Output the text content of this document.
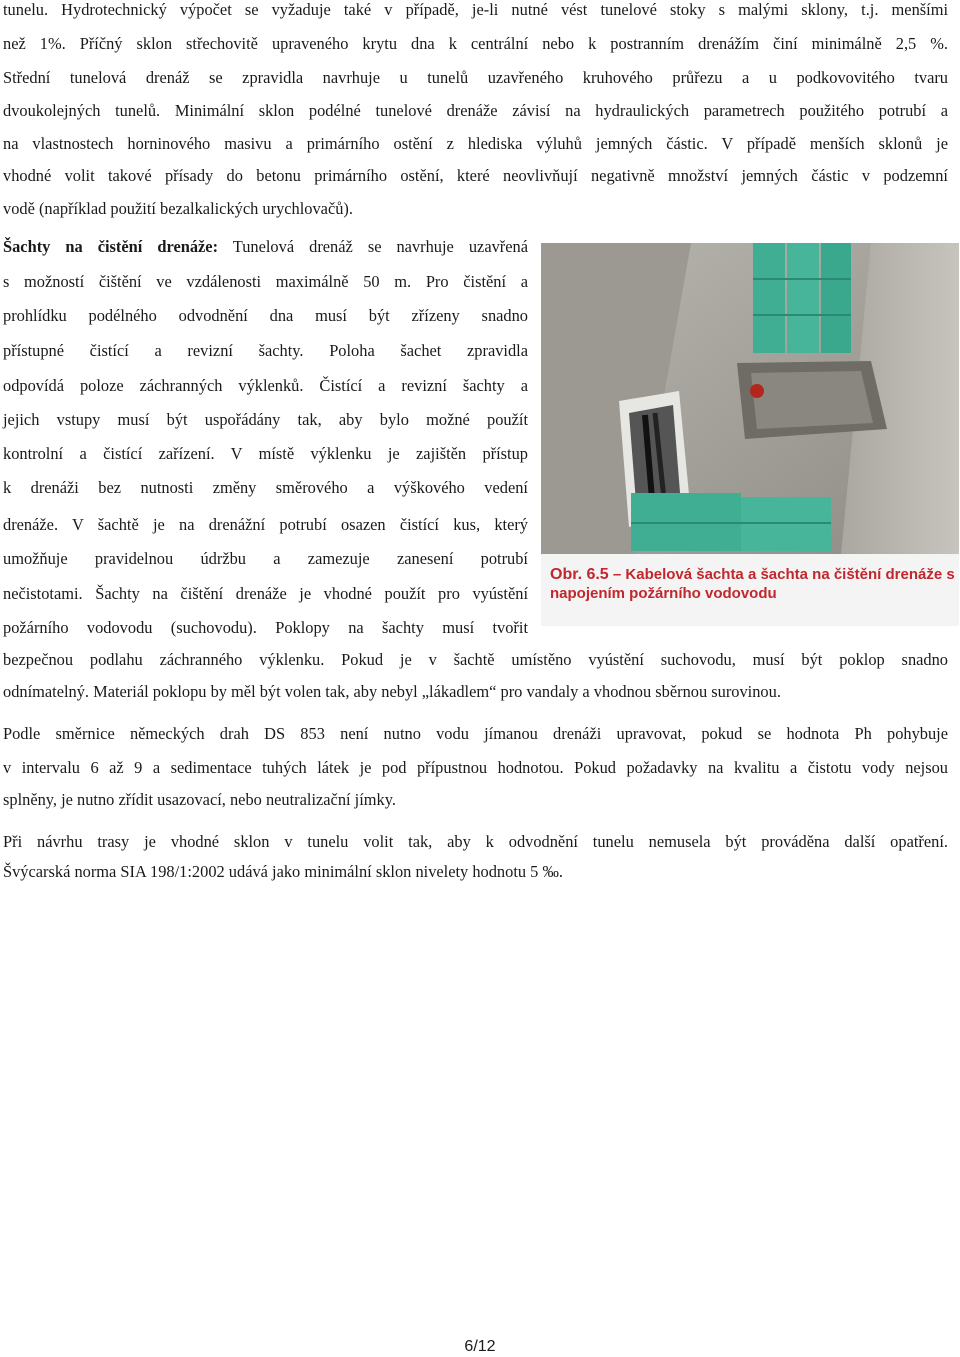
tunelu. Hydrotechnický výpočet se vyžaduje také v případě, je-li nutné vést tunelové stoky s malými sklony, t.j. menšími
než 1%. Příčný sklon střechovitě upraveného krytu dna k centrální nebo k postranním drenážím činí minimálně 2,5 %.
Střední tunelová drenáž se zpravidla navrhuje u tunelů uzavřeného kruhového průřezu a u podkovovitého tvaru
dvoukolejných tunelů. Minimální sklon podélné tunelové drenáže závisí na hydraulických parametrech použitého potrubí a
na vlastnostech horninového masivu a primárního ostění z hlediska výluhů jemných částic. V případě menších sklonů je
vhodné volit takové přísady do betonu primárního ostění, které neovlivňují negativně množství jemných částic v podzemní
vodě (například použití bezalkalických urychlovačů).
Šachty na čistění drenáže: Tunelová drenáž se navrhuje uzavřená
s možností čištění ve vzdálenosti maximálně 50 m. Pro čistění a
prohlídku podélného odvodnění dna musí být zřízeny snadno
přístupné čistící a revizní šachty. Poloha šachet zpravidla
odpovídá poloze záchranných výklenků. Čistící a revizní šachty a
jejich vstupy musí být uspořádány tak, aby bylo možné použít
kontrolní a čistící zařízení. V místě výklenku je zajištěn přístup
k drenáži bez nutnosti změny směrového a výškového vedení
drenáže. V šachtě je na drenážní potrubí osazen čistící kus, který
umožňuje pravidelnou údržbu a zamezuje zanesení potrubí
nečistotami. Šachty na čištění drenáže je vhodné použít pro vyústění
požárního vodovodu (suchovodu). Poklopy na šachty musí tvořit
bezpečnou podlahu záchranného výklenku. Pokud je v šachtě umístěno vyústění suchovodu, musí být poklop snadno
odnímatelný. Materiál poklopu by měl být volen tak, aby nebyl „lákadlem“ pro vandaly a vhodnou sběrnou surovinou.
Obr. 6.5 – Kabelová šachta a šachta na čištění drenáže s napojením požárního vodovodu
Podle směrnice německých drah DS 853 není nutno vodu jímanou drenáži upravovat, pokud se hodnota Ph pohybuje
v intervalu 6 až 9 a sedimentace tuhých látek je pod přípustnou hodnotou. Pokud požadavky na kvalitu a čistotu vody nejsou
splněny, je nutno zřídit usazovací, nebo neutralizační jímky.
Při návrhu trasy je vhodné sklon v tunelu volit tak, aby k odvodnění tunelu nemusela být prováděna další opatření.
Švýcarská norma SIA 198/1:2002 udává jako minimální sklon nivelety hodnotu 5 ‰.
6/12
